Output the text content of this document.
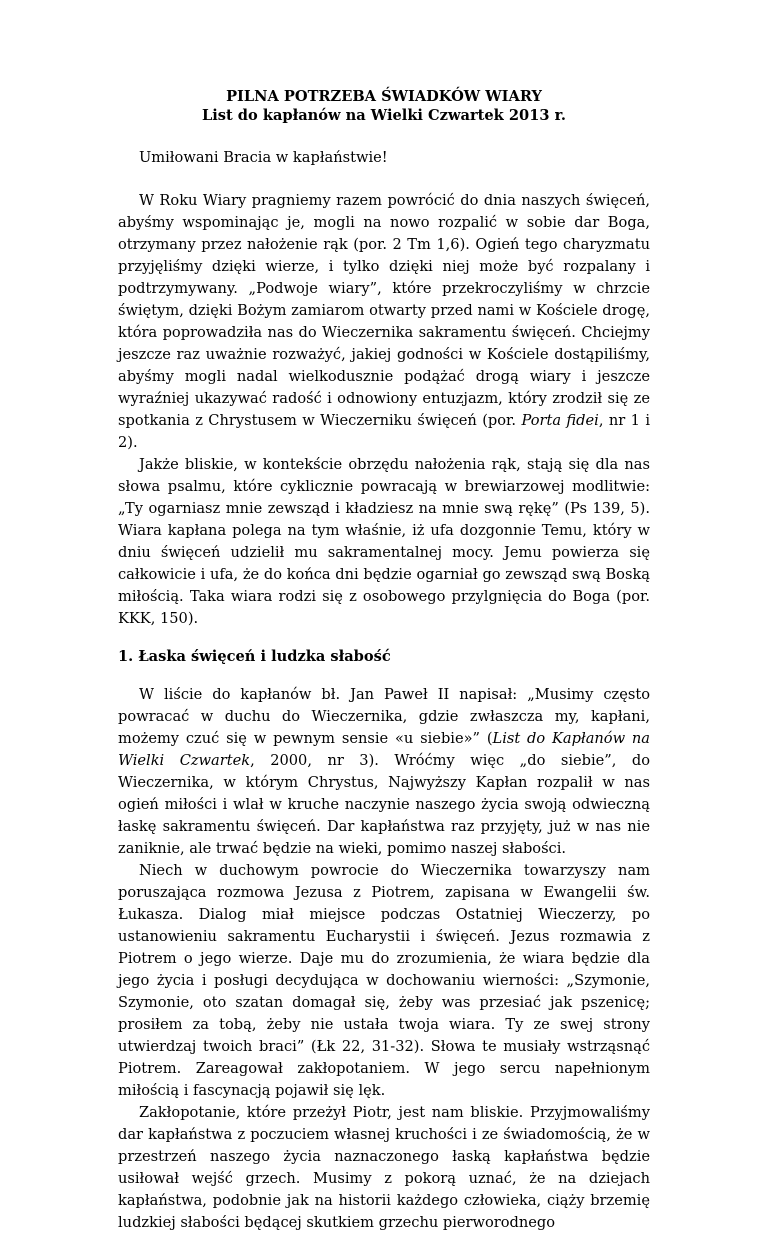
PILNA POTRZEBA ŚWIADKÓW WIARY

List do kapłanów na Wielki Czwartek 2013 r.

Umiłowani Bracia w kapłaństwie!

W Roku Wiary pragniemy razem powrócić do dnia naszych święceń, abyśmy wspominając je, mogli na nowo rozpalić w sobie dar Boga, otrzymany przez nałożenie rąk (por. 2 Tm 1,6). Ogień tego charyzmatu przyjęliśmy dzięki wierze, i tylko dzięki niej może być rozpalany i podtrzymywany. „Podwoje wiary”, które przekroczyliśmy w chrzcie świętym, dzięki Bożym zamiarom otwarty przed nami w Kościele drogę, która poprowadziła nas do Wieczernika sakramentu święceń. Chciejmy jeszcze raz uważnie rozważyć, jakiej godności w Kościele dostąpiliśmy, abyśmy mogli nadal wielkodusznie podążać drogą wiary i jeszcze wyraźniej ukazywać radość i odnowiony entuzjazm, który zrodził się ze spotkania z Chrystusem w Wieczerniku święceń (por. Porta fidei, nr 1 i 2).

Jakże bliskie, w kontekście obrzędu nałożenia rąk, stają się dla nas słowa psalmu, które cyklicznie powracają w brewiarzowej modlitwie: „Ty ogarniasz mnie zewsząd i kładziesz na mnie swą rękę” (Ps 139, 5). Wiara kapłana polega na tym właśnie, iż ufa dozgonnie Temu, który w dniu święceń udzielił mu sakramentalnej mocy. Jemu powierza się całkowicie i ufa, że do końca dni będzie ogarniał go zewsząd swą Boską miłością. Taka wiara rodzi się z osobowego przylgnięcia do Boga (por. KKK, 150).

1. Łaska święceń i ludzka słabość

W liście do kapłanów bł. Jan Paweł II napisał: „Musimy często powracać w duchu do Wieczernika, gdzie zwłaszcza my, kapłani, możemy czuć się w pewnym sensie «u siebie»” (List do Kapłanów na Wielki Czwartek, 2000, nr 3). Wróćmy więc „do siebie”, do Wieczernika, w którym Chrystus, Najwyższy Kapłan rozpalił w nas ogień miłości i wlał w kruche naczynie naszego życia swoją odwieczną łaskę sakramentu święceń. Dar kapłaństwa raz przyjęty, już w nas nie zaniknie, ale trwać będzie na wieki, pomimo naszej słabości.

Niech w duchowym powrocie do Wieczernika towarzyszy nam poruszająca rozmowa Jezusa z Piotrem, zapisana w Ewangelii św. Łukasza. Dialog miał miejsce podczas Ostatniej Wieczerzy, po ustanowieniu sakramentu Eucharystii i święceń. Jezus rozmawia z Piotrem o jego wierze. Daje mu do zrozumienia, że wiara będzie dla jego życia i posługi decydująca w dochowaniu wierności: „Szymonie, Szymonie, oto szatan domagał się, żeby was przesiać jak pszenicę; prosiłem za tobą, żeby nie ustała twoja wiara. Ty ze swej strony utwierdzaj twoich braci” (Łk 22, 31-32). Słowa te musiały wstrząsnąć Piotrem. Zareagował zakłopotaniem. W jego sercu napełnionym miłością i fascynacją pojawił się lęk.

Zakłopotanie, które przeżył Piotr, jest nam bliskie. Przyjmowaliśmy dar kapłaństwa z poczuciem własnej kruchości i ze świadomością, że w przestrzeń naszego życia naznaczonego łaską kapłaństwa będzie usiłował wejść grzech. Musimy z pokorą uznać, że na dziejach kapłaństwa, podobnie jak na historii każdego człowieka, ciąży brzemię ludzkiej słabości będącej skutkiem grzechu pierworodnego
